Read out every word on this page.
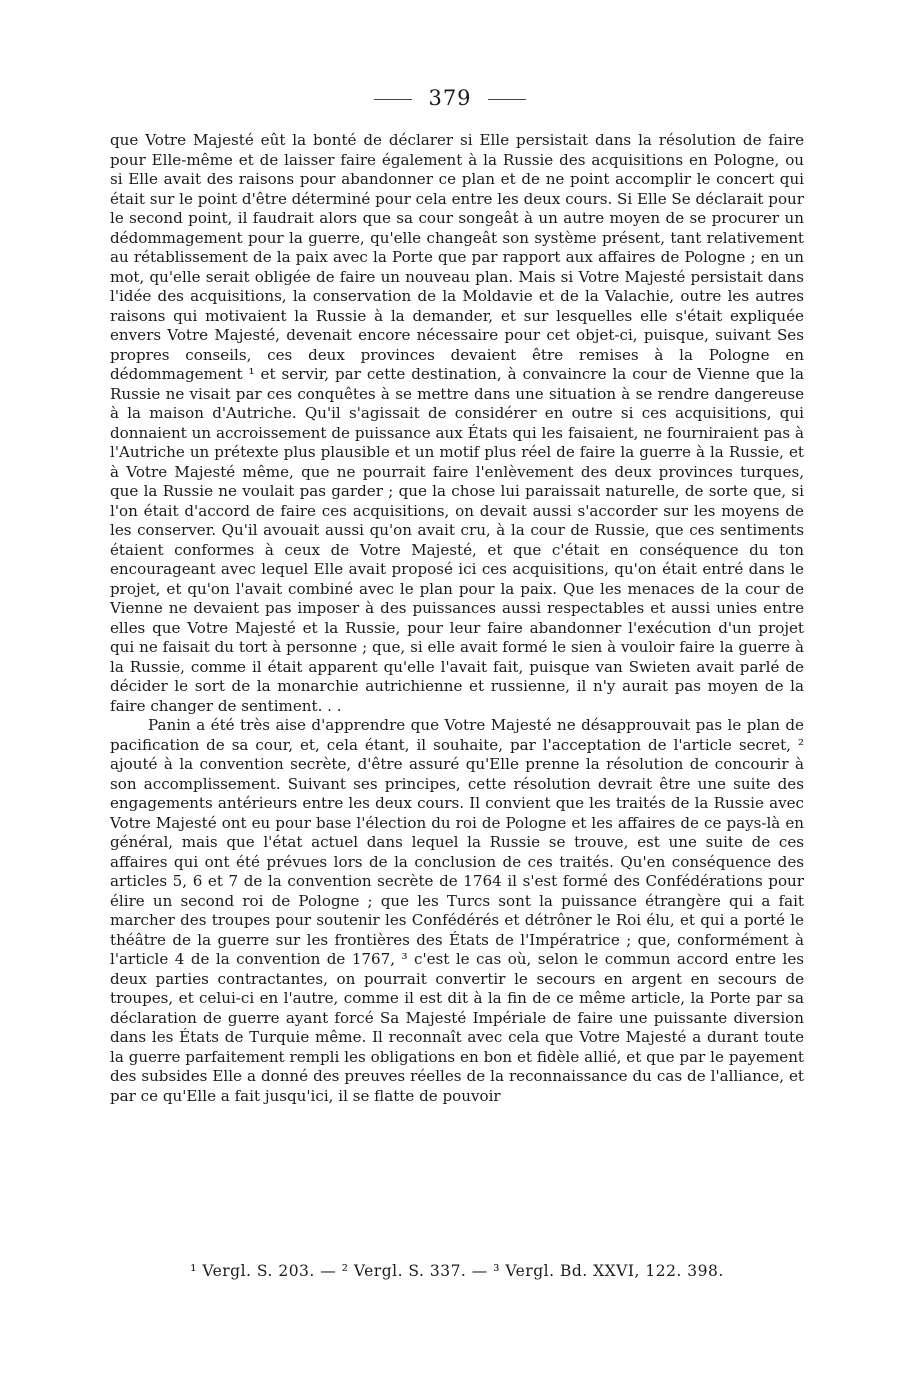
379

que Votre Majesté eût la bonté de déclarer si Elle persistait dans la résolution de faire pour Elle-même et de laisser faire également à la Russie des acquisitions en Pologne, ou si Elle avait des raisons pour abandonner ce plan et de ne point accomplir le concert qui était sur le point d'être déterminé pour cela entre les deux cours. Si Elle Se déclarait pour le second point, il faudrait alors que sa cour songeât à un autre moyen de se procurer un dédommagement pour la guerre, qu'elle changeât son système présent, tant relativement au rétablissement de la paix avec la Porte que par rapport aux affaires de Pologne ; en un mot, qu'elle serait obligée de faire un nouveau plan. Mais si Votre Majesté persistait dans l'idée des acquisitions, la conservation de la Moldavie et de la Valachie, outre les autres raisons qui motivaient la Russie à la demander, et sur lesquelles elle s'était expliquée envers Votre Majesté, devenait encore nécessaire pour cet objet-ci, puisque, suivant Ses propres conseils, ces deux provinces devaient être remises à la Pologne en dédommagement ¹ et servir, par cette destination, à convaincre la cour de Vienne que la Russie ne visait par ces conquêtes à se mettre dans une situation à se rendre dangereuse à la maison d'Autriche. Qu'il s'agissait de considérer en outre si ces acquisitions, qui donnaient un accroissement de puissance aux États qui les faisaient, ne fourniraient pas à l'Autriche un prétexte plus plausible et un motif plus réel de faire la guerre à la Russie, et à Votre Majesté même, que ne pourrait faire l'enlèvement des deux provinces turques, que la Russie ne voulait pas garder ; que la chose lui paraissait naturelle, de sorte que, si l'on était d'accord de faire ces acquisitions, on devait aussi s'accorder sur les moyens de les conserver. Qu'il avouait aussi qu'on avait cru, à la cour de Russie, que ces sentiments étaient conformes à ceux de Votre Majesté, et que c'était en conséquence du ton encourageant avec lequel Elle avait proposé ici ces acquisitions, qu'on était entré dans le projet, et qu'on l'avait combiné avec le plan pour la paix. Que les menaces de la cour de Vienne ne devaient pas imposer à des puissances aussi respectables et aussi unies entre elles que Votre Majesté et la Russie, pour leur faire abandonner l'exécution d'un projet qui ne faisait du tort à personne ; que, si elle avait formé le sien à vouloir faire la guerre à la Russie, comme il était apparent qu'elle l'avait fait, puisque van Swieten avait parlé de décider le sort de la monarchie autrichienne et russienne, il n'y aurait pas moyen de la faire changer de sentiment. . .

Panin a été très aise d'apprendre que Votre Majesté ne désapprouvait pas le plan de pacification de sa cour, et, cela étant, il souhaite, par l'acceptation de l'article secret, ² ajouté à la convention secrète, d'être assuré qu'Elle prenne la résolution de concourir à son accomplissement. Suivant ses principes, cette résolution devrait être une suite des engagements antérieurs entre les deux cours. Il convient que les traités de la Russie avec Votre Majesté ont eu pour base l'élection du roi de Pologne et les affaires de ce pays-là en général, mais que l'état actuel dans lequel la Russie se trouve, est une suite de ces affaires qui ont été prévues lors de la conclusion de ces traités. Qu'en conséquence des articles 5, 6 et 7 de la convention secrète de 1764 il s'est formé des Confédérations pour élire un second roi de Pologne ; que les Turcs sont la puissance étrangère qui a fait marcher des troupes pour soutenir les Confédérés et détrôner le Roi élu, et qui a porté le théâtre de la guerre sur les frontières des États de l'Impératrice ; que, conformément à l'article 4 de la convention de 1767, ³ c'est le cas où, selon le commun accord entre les deux parties contractantes, on pourrait convertir le secours en argent en secours de troupes, et celui-ci en l'autre, comme il est dit à la fin de ce même article, la Porte par sa déclaration de guerre ayant forcé Sa Majesté Impériale de faire une puissante diversion dans les États de Turquie même. Il reconnaît avec cela que Votre Majesté a durant toute la guerre parfaitement rempli les obligations en bon et fidèle allié, et que par le payement des subsides Elle a donné des preuves réelles de la reconnaissance du cas de l'alliance, et par ce qu'Elle a fait jusqu'ici, il se flatte de pouvoir

¹ Vergl. S. 203. — ² Vergl. S. 337. — ³ Vergl. Bd. XXVI, 122. 398.
